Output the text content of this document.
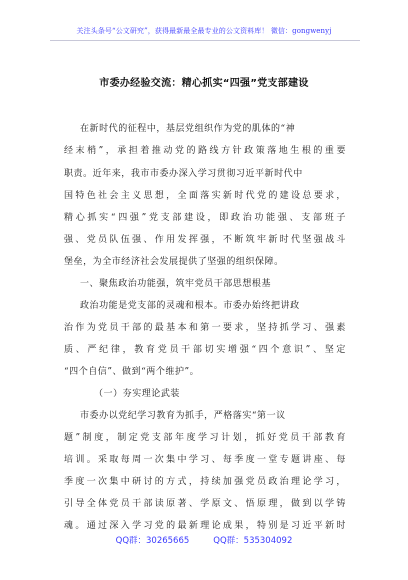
关注头条号“公文研究”，获得最新最全最专业的公文资料库！ 微信：gongwenyj
市委办经验交流：精心抓实“四强”党支部建设
在新时代的征程中，基层党组织作为党的肌体的“神
经末梢”，承担着推动党的路线方针政策落地生根的重要
职责。近年来，我市市委办深入学习贯彻习近平新时代中
国特色社会主义思想，全面落实新时代党的建设总要求，
精心抓实“四强”党支部建设，即政治功能强、支部班子
强、党员队伍强、作用发挥强，不断筑牢新时代坚强战斗
堡垒，为全市经济社会发展提供了坚强的组织保障。
一、聚焦政治功能强，筑牢党员干部思想根基
政治功能是党支部的灵魂和根本。市委办始终把讲政
治作为党员干部的最基本和第一要求，坚持抓学习、强素
质、严纪律，教育党员干部切实增强“四个意识”、坚定
“四个自信”、做到“两个维护”。
（一）夯实理论武装
市委办以党纪学习教育为抓手，严格落实“第一议
题”制度，制定党支部年度学习计划，抓好党员干部教育
培训。采取每周一次集中学习、每季度一堂专题讲座、每
季度一次集中研讨的方式，持续加强党员政治理论学习，
引导全体党员干部读原著、学原文、悟原理，做到以学铸
魂。通过深入学习党的最新理论成果，特别是习近平新时
QQ群：30265665	QQ群：535304092
